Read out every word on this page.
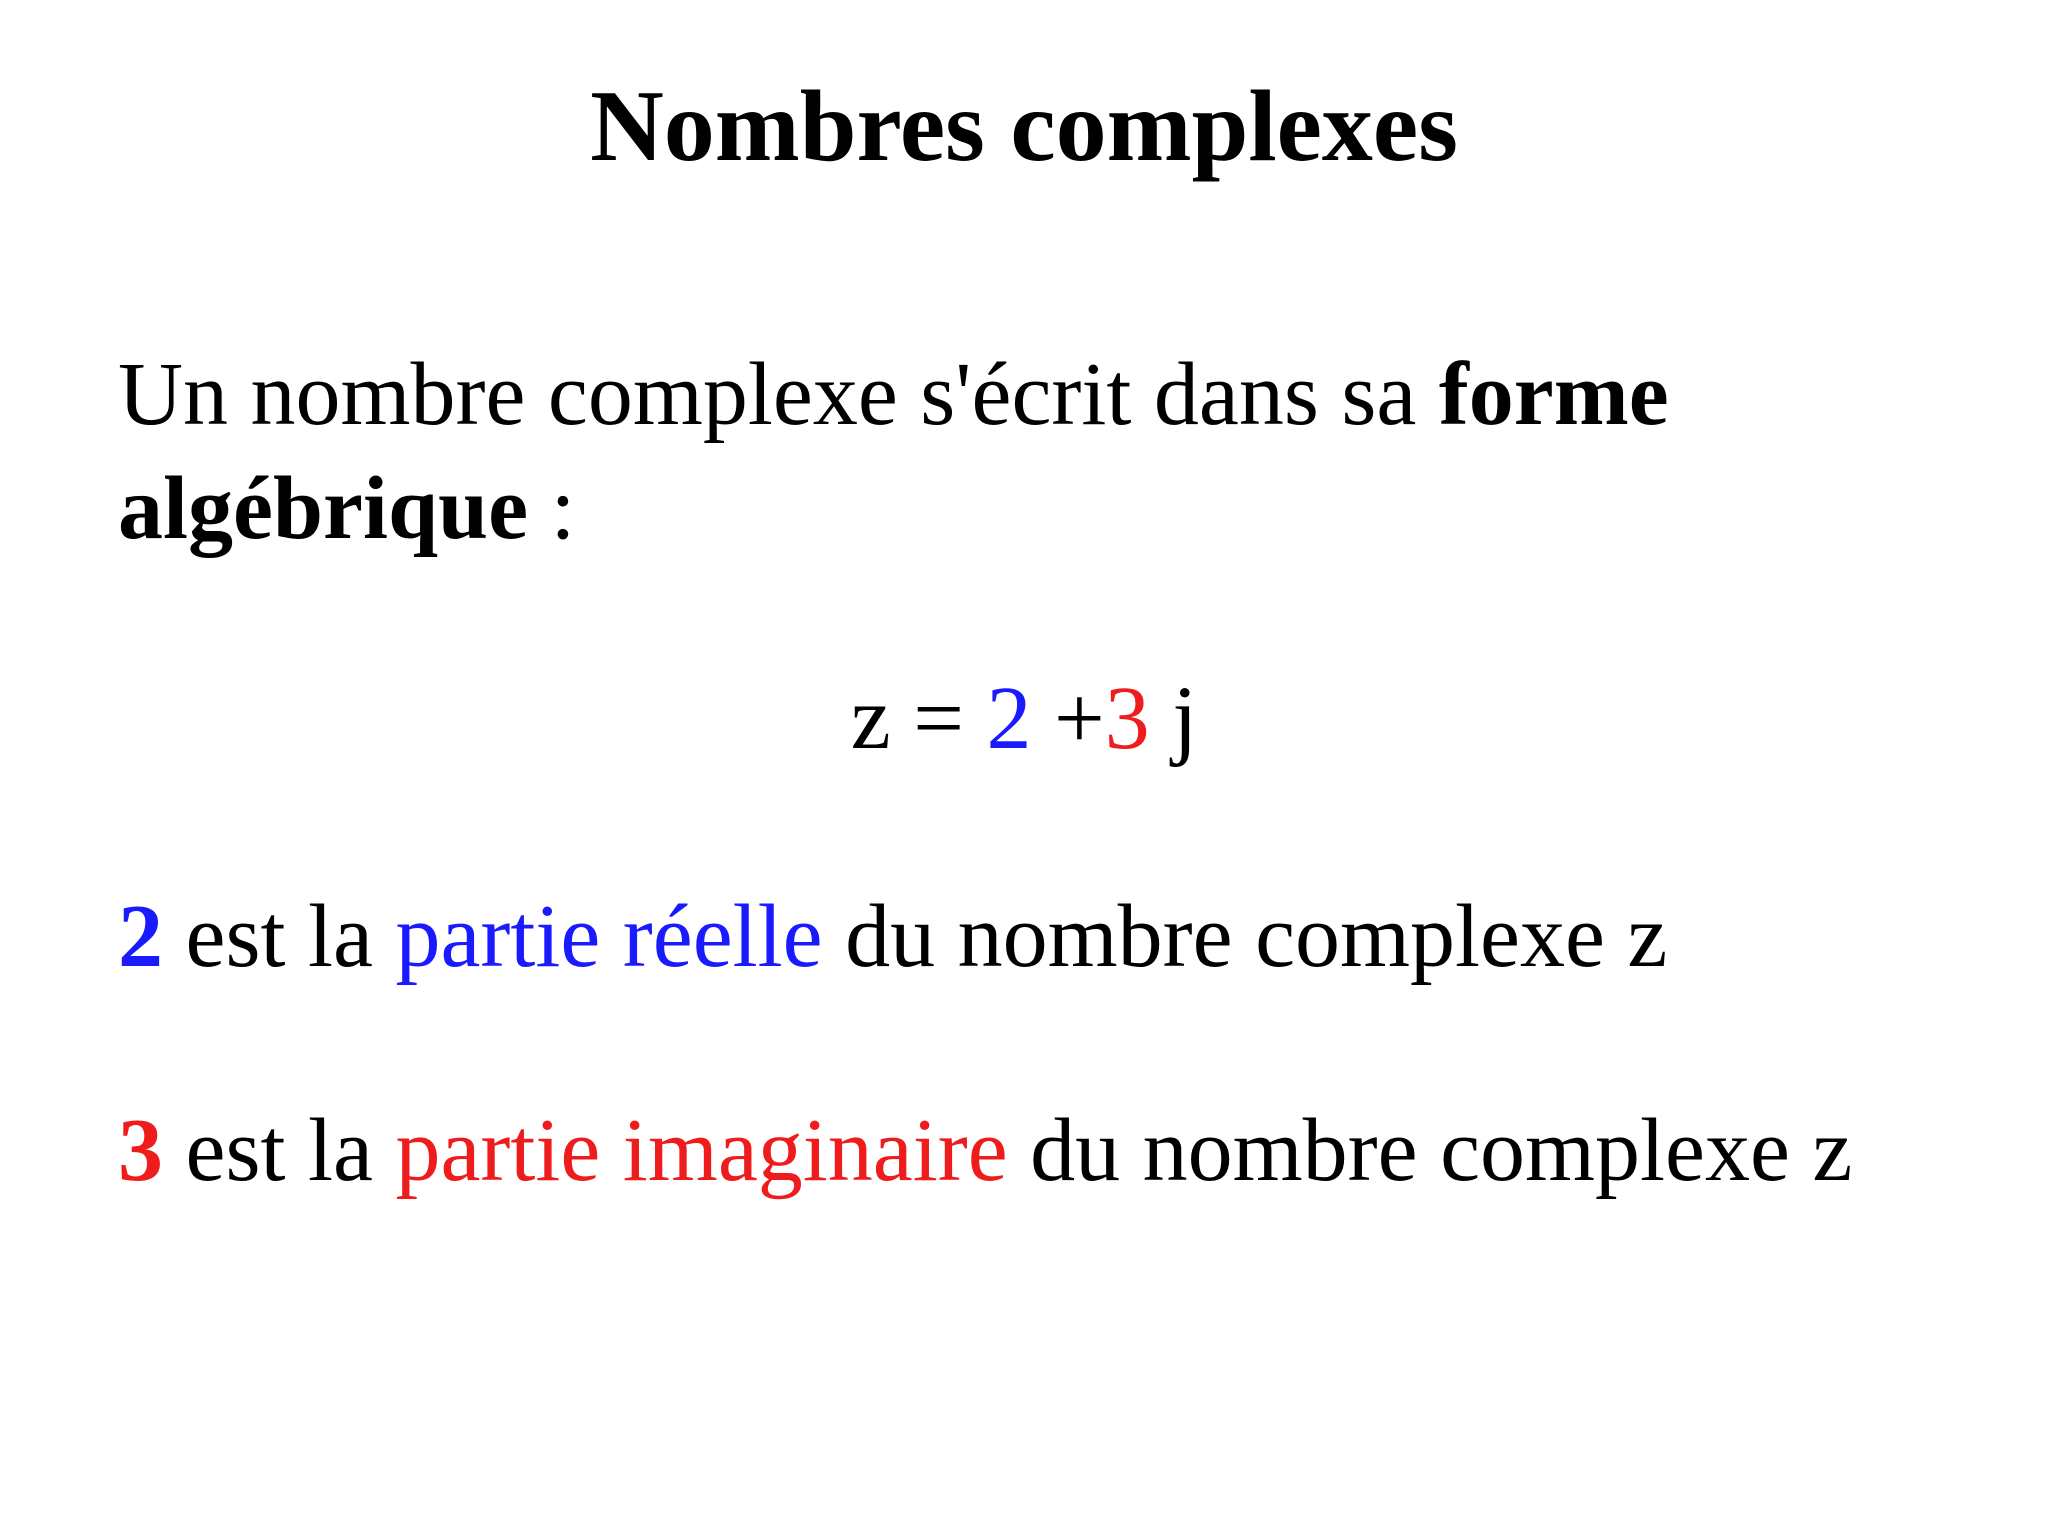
Nombres complexes
Un nombre complexe s'écrit dans sa forme
algébrique :
z = 2 +3 j
2 est la partie réelle du nombre complexe z
3 est la partie imaginaire du nombre complexe z
